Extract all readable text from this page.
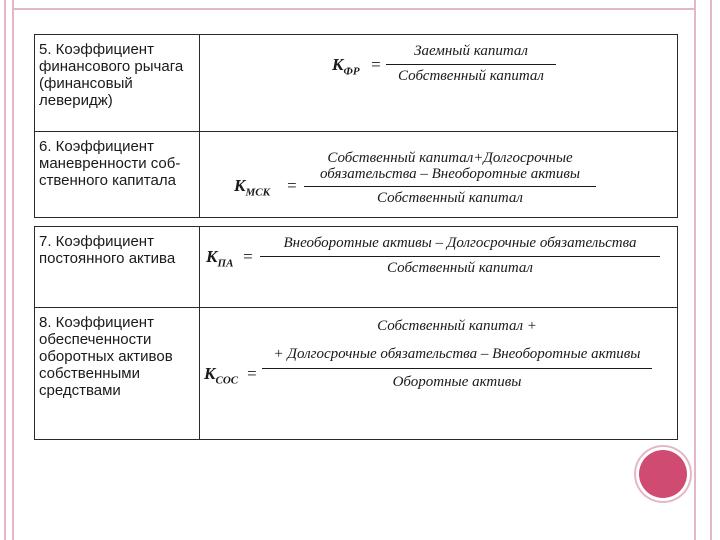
5. Коэффициент
финансового рычага
(финансовый
леверидж)
$К_{ФР}$ =
Заемный капитал
Собственный капитал
6. Коэффициент
маневренности соб-
ственного капитала	$К_{МСК}$ =
Собственный капитал+Долгосрочные
обязательства – Внеоборотные активы
Собственный капитал
7. Коэффициент
постоянного актива	$К_{ПА}$ =
Внеоборотные активы – Долгосрочные обязательства
Собственный капитал
8. Коэффициент
обеспеченности
оборотных активов
собственными
средствами
$К_{СОС}$ =
Собственный капитал +
+ Долгосрочные обязательства – Внеоборотные активы
Оборотные активы
